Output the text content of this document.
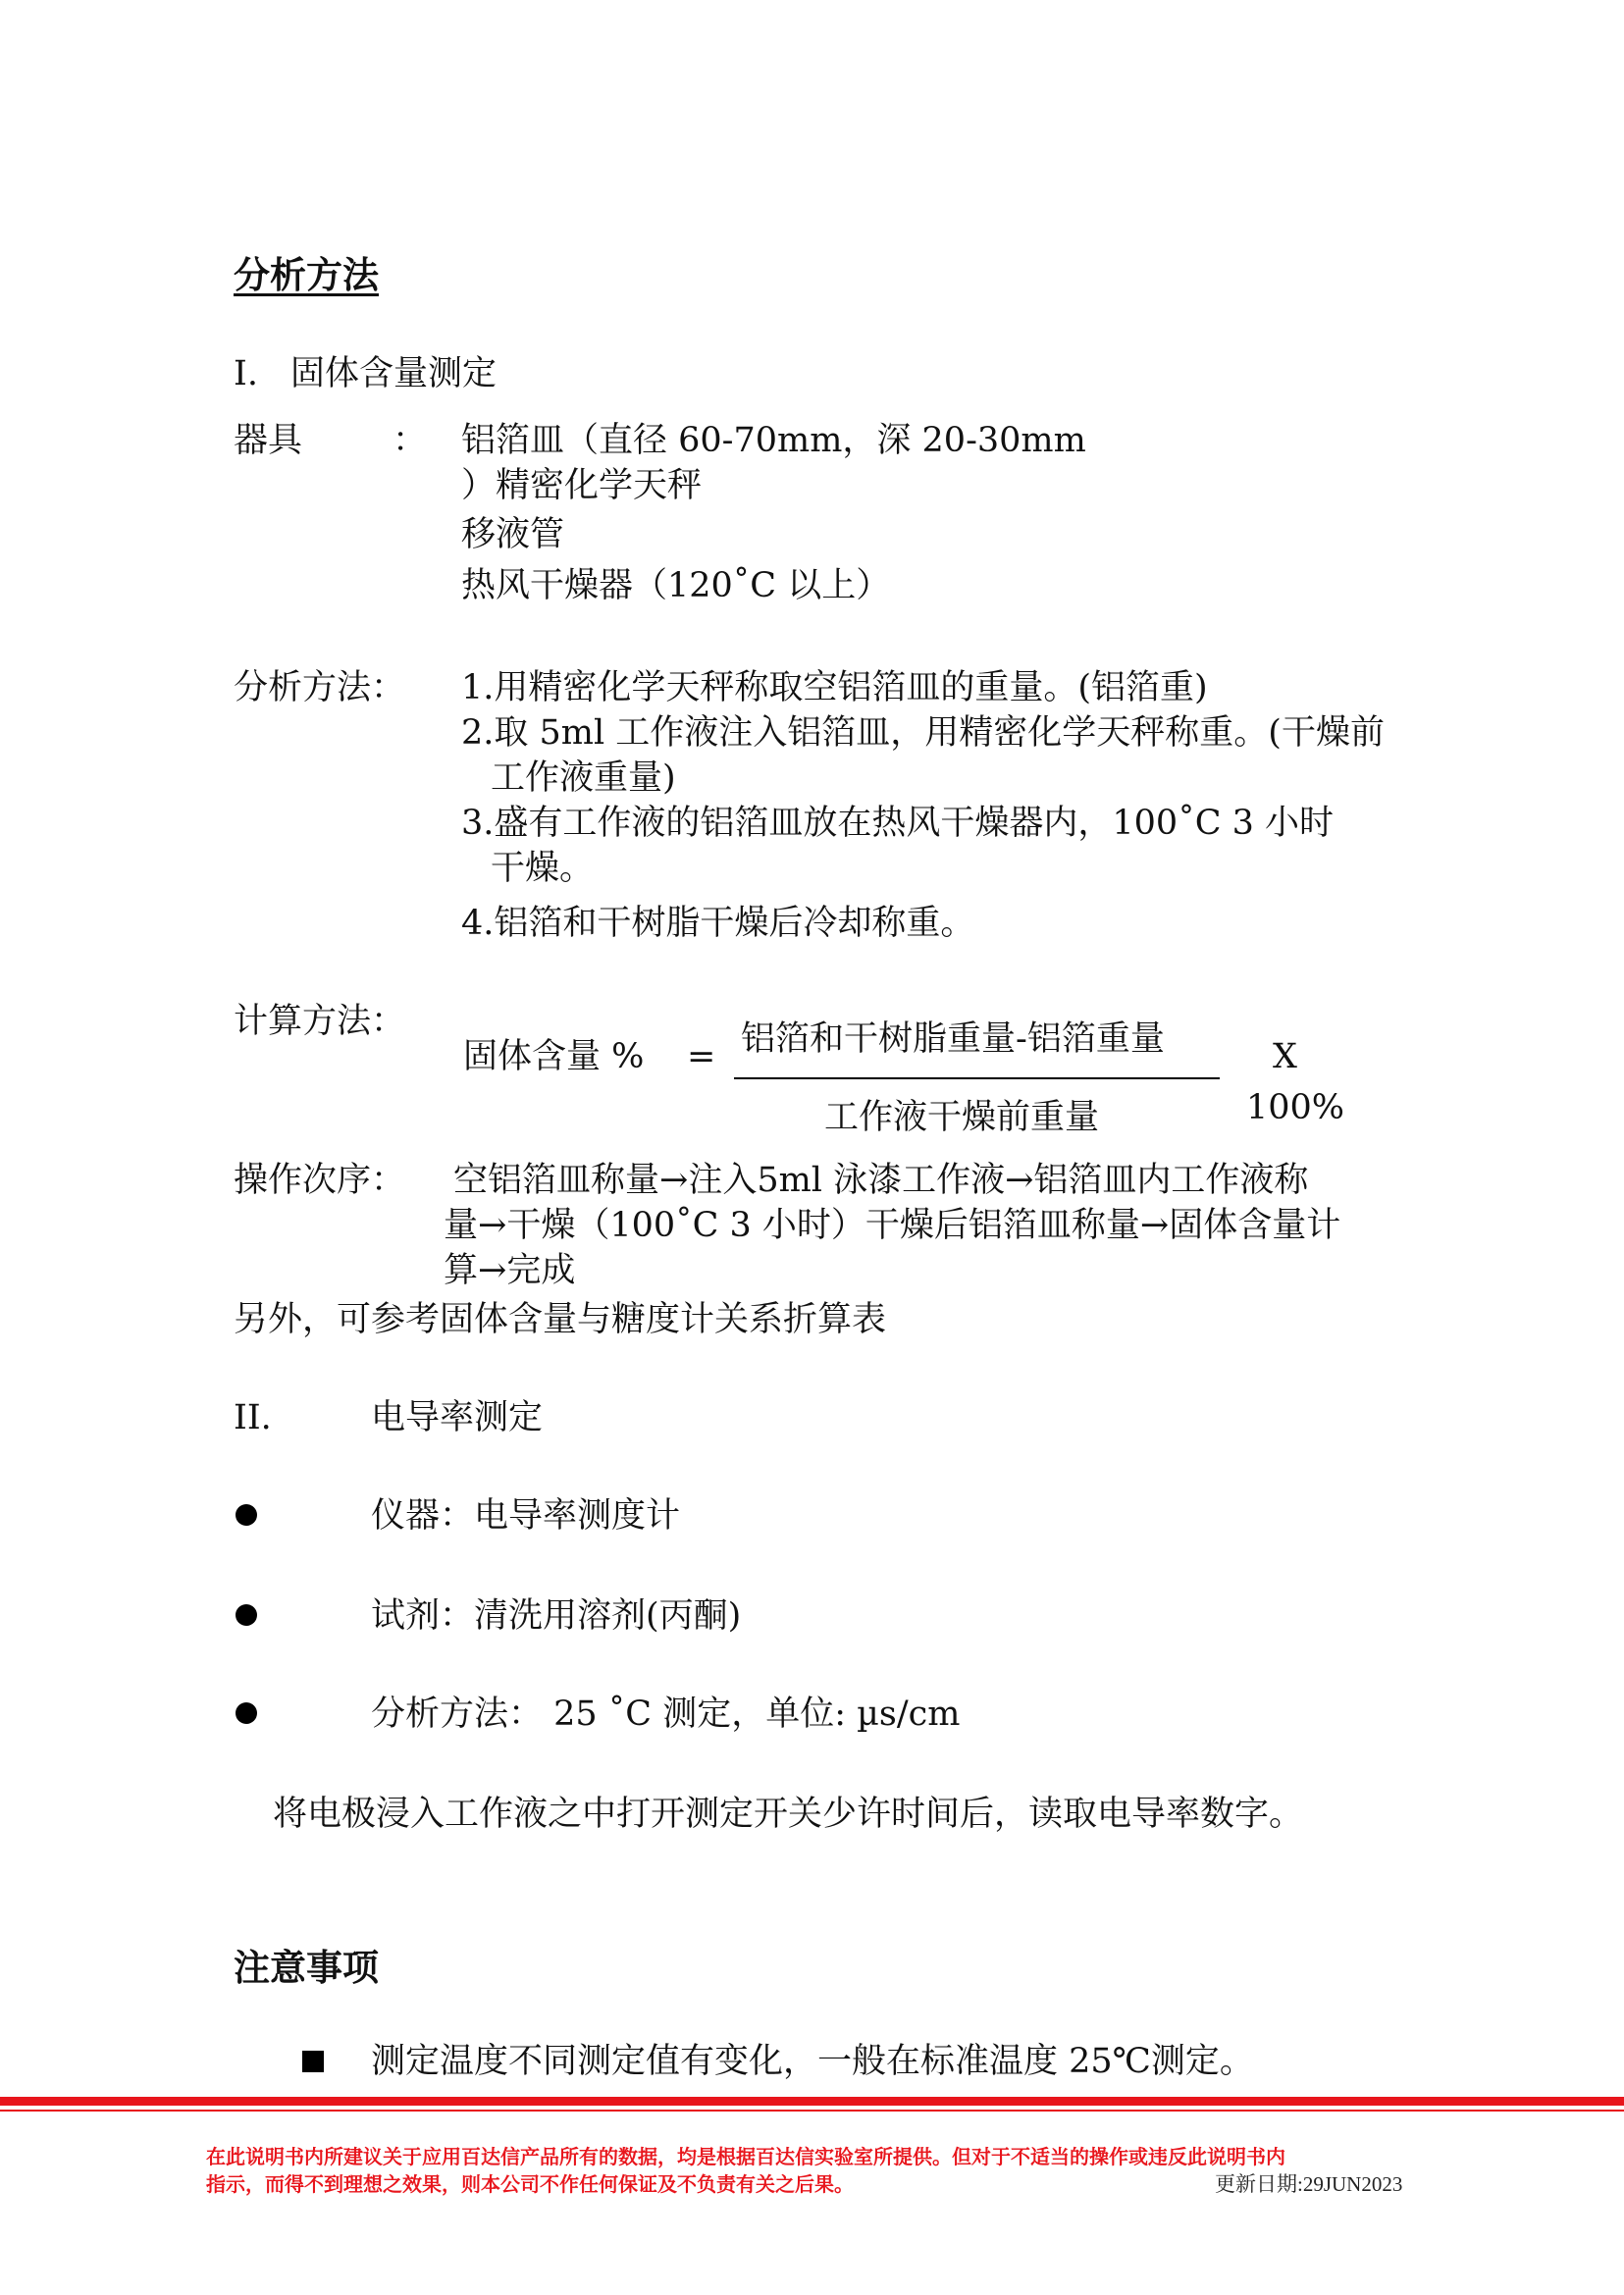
分析方法
I. 固体含量测定
器具	： 铝箔皿（直径 60-70mm，深 20-30mm
）精密化学天秤
移液管
热风干燥器（120˚C 以上）
分析方法： 1.用精密化学天秤称取空铝箔皿的重量。(铝箔重)
2.取 5ml 工作液注入铝箔皿，用精密化学天秤称重。(干燥前
工作液重量)
3.盛有工作液的铝箔皿放在热风干燥器内，100˚C 3 小时
干燥。
4.铝箔和干树脂干燥后冷却称重。
计算方法：
固体含量 % = 铝箔和干树脂重量-铝箔重量
工作液干燥前重量
X
100%
操作次序： 空铝箔皿称量→注入5ml 泳漆工作液→铝箔皿内工作液称
量→干燥（100˚C 3 小时）干燥后铝箔皿称量→固体含量计
算→完成
另外，可参考固体含量与糖度计关系折算表
II.	电导率测定
仪器：电导率测度计
试剂：清洗用溶剂(丙酮)
分析方法： 25 ˚C 测定，单位: µs/cm
将电极浸入工作液之中打开测定开关少许时间后，读取电导率数字。
注意事项
测定温度不同测定值有变化，一般在标准温度 25℃测定。
在此说明书内所建议关于应用百达信产品所有的数据，均是根据百达信实验室所提供。但对于不适当的操作或违反此说明书内
指示，而得不到理想之效果，则本公司不作任何保证及不负责有关之后果。	更新日期:29JUN2023
